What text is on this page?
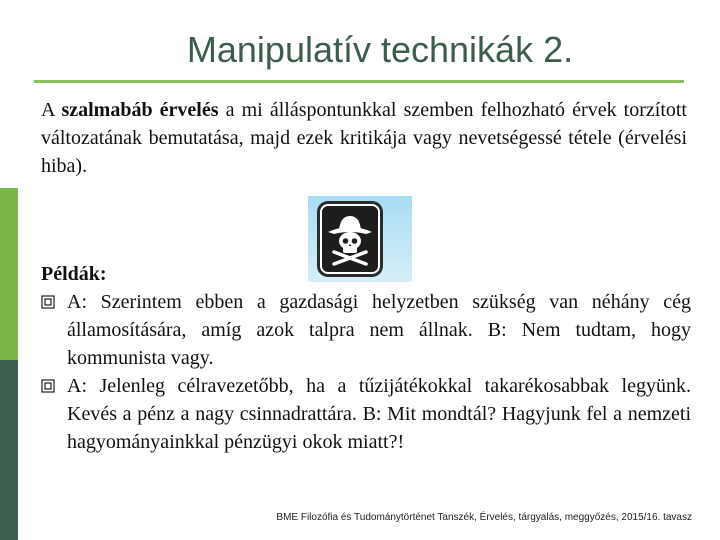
Manipulatív technikák 2.
A szalmabáb érvelés a mi álláspontunkkal szemben felhozható érvek torzított változatának bemutatása, majd ezek kritikája vagy nevetségessé tétele (érvelési hiba).
Példák:
A: Szerintem ebben a gazdasági helyzetben szükség van néhány cég államosítására, amíg azok talpra nem állnak. B: Nem tudtam, hogy kommunista vagy.
A: Jelenleg célravezetőbb, ha a tűzijátékokkal takarékosabbak legyünk. Kevés a pénz a nagy csinnadrattára. B: Mit mondtál? Hagyjunk fel a nemzeti hagyományainkkal pénzügyi okok miatt?!
BME Filozófia és Tudománytörténet Tanszék, Érvelés, tárgyalás, meggyőzés, 2015/16. tavasz
